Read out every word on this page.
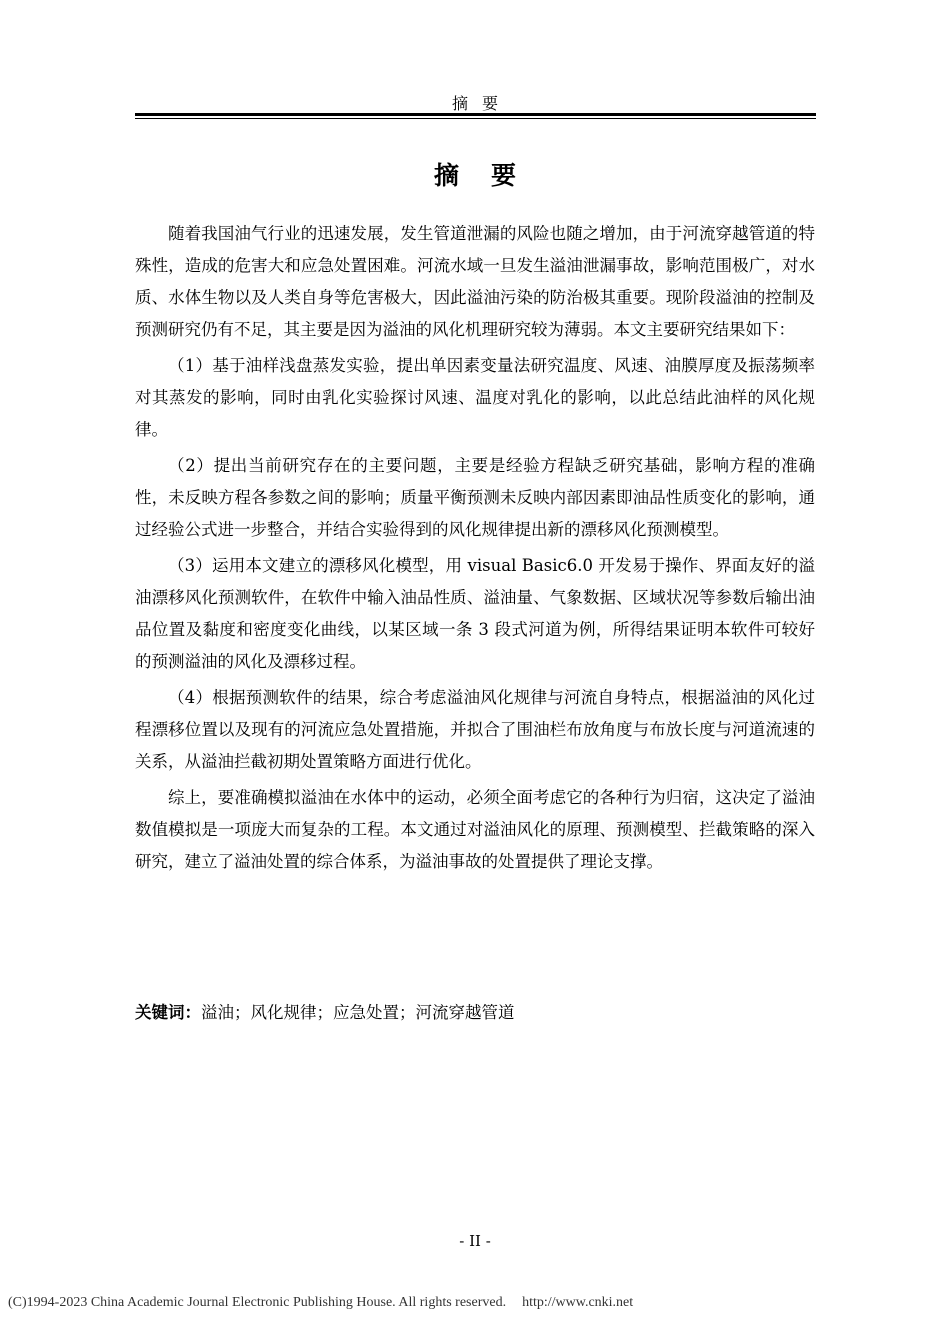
摘要
摘要

随着我国油气行业的迅速发展，发生管道泄漏的风险也随之增加，由于河流穿越管道的特殊性，造成的危害大和应急处置困难。河流水域一旦发生溢油泄漏事故，影响范围极广，对水质、水体生物以及人类自身等危害极大，因此溢油污染的防治极其重要。现阶段溢油的控制及预测研究仍有不足，其主要是因为溢油的风化机理研究较为薄弱。本文主要研究结果如下：

（1）基于油样浅盘蒸发实验，提出单因素变量法研究温度、风速、油膜厚度及振荡频率对其蒸发的影响，同时由乳化实验探讨风速、温度对乳化的影响，以此总结此油样的风化规律。

（2）提出当前研究存在的主要问题，主要是经验方程缺乏研究基础，影响方程的准确性，未反映方程各参数之间的影响；质量平衡预测未反映内部因素即油品性质变化的影响，通过经验公式进一步整合，并结合实验得到的风化规律提出新的漂移风化预测模型。

（3）运用本文建立的漂移风化模型，用 visual Basic6.0 开发易于操作、界面友好的溢油漂移风化预测软件，在软件中输入油品性质、溢油量、气象数据、区域状况等参数后输出油品位置及黏度和密度变化曲线，以某区域一条 3 段式河道为例，所得结果证明本软件可较好的预测溢油的风化及漂移过程。

（4）根据预测软件的结果，综合考虑溢油风化规律与河流自身特点，根据溢油的风化过程漂移位置以及现有的河流应急处置措施，并拟合了围油栏布放角度与布放长度与河道流速的关系，从溢油拦截初期处置策略方面进行优化。

综上，要准确模拟溢油在水体中的运动，必须全面考虑它的各种行为归宿，这决定了溢油数值模拟是一项庞大而复杂的工程。本文通过对溢油风化的原理、预测模型、拦截策略的深入研究，建立了溢油处置的综合体系，为溢油事故的处置提供了理论支撑。

关键词：溢油；风化规律；应急处置；河流穿越管道
- II -
(C)1994-2023 China Academic Journal Electronic Publishing House. All rights reserved. http://www.cnki.net
